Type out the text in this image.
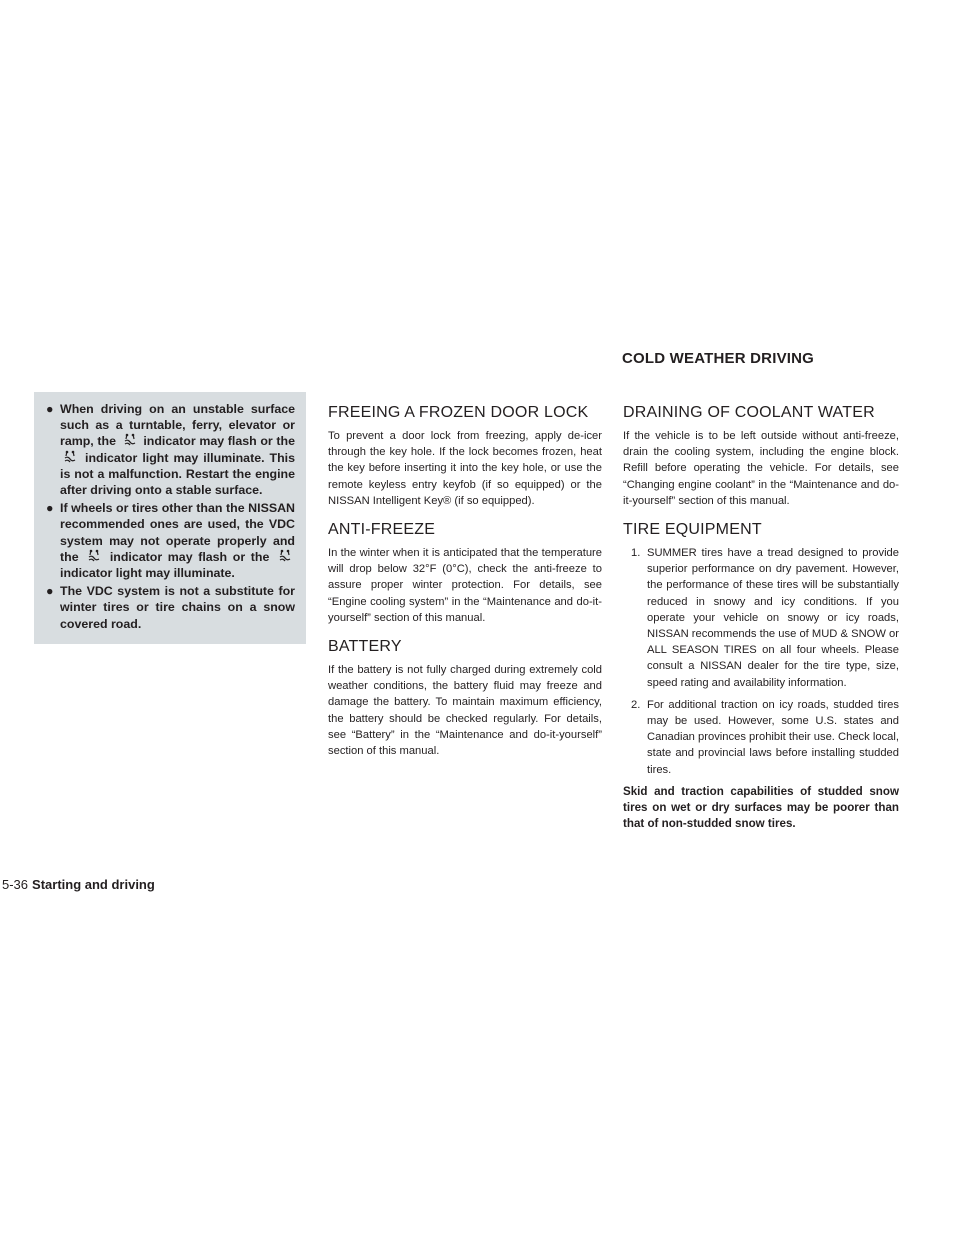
COLD WEATHER DRIVING
● When driving on an unstable surface such as a turntable, ferry, elevator or ramp, the indicator may flash or the  indicator light may illuminate. This is not a malfunction. Restart the engine after driving onto a stable surface.
● If wheels or tires other than the NISSAN recommended ones are used, the VDC system may not operate properly and the	indicator may flash or the  indicator light may illuminate.
● The VDC system is not a substitute for winter tires or tire chains on a snow covered road.
FREEING A FROZEN DOOR LOCK

To prevent a door lock from freezing, apply de-icer through the key hole. If the lock becomes frozen, heat the key before inserting it into the key hole, or use the remote keyless entry keyfob (if so equipped) or the NISSAN Intelligent Key® (if so equipped).

ANTI-FREEZE

In the winter when it is anticipated that the temperature will drop below 32°F (0°C), check the anti-freeze to assure proper winter protection. For details, see “Engine cooling system” in the “Maintenance and do-it-yourself” section of this manual.

BATTERY

If the battery is not fully charged during extremely cold weather conditions, the battery fluid may freeze and damage the battery. To maintain maximum efficiency, the battery should be checked regularly. For details, see “Battery” in the “Maintenance and do-it-yourself” section of this manual.

DRAINING OF COOLANT WATER

If the vehicle is to be left outside without anti-freeze, drain the cooling system, including the engine block. Refill before operating the vehicle. For details, see “Changing engine coolant” in the “Maintenance and do-it-yourself” section of this manual.

TIRE EQUIPMENT
1. SUMMER tires have a tread designed to provide superior performance on dry pavement. However, the performance of these tires will be substantially reduced in snowy and icy conditions. If you operate your vehicle on snowy or icy roads, NISSAN recommends the use of MUD & SNOW or ALL SEASON TIRES on all four wheels. Please consult a NISSAN dealer for the tire type, size, speed rating and availability information.
2. For additional traction on icy roads, studded tires may be used. However, some U.S. states and Canadian provinces prohibit their use. Check local, state and provincial laws before installing studded tires.

Skid and traction capabilities of studded snow tires on wet or dry surfaces may be poorer than that of non-studded snow tires.

5-36 Starting and driving
